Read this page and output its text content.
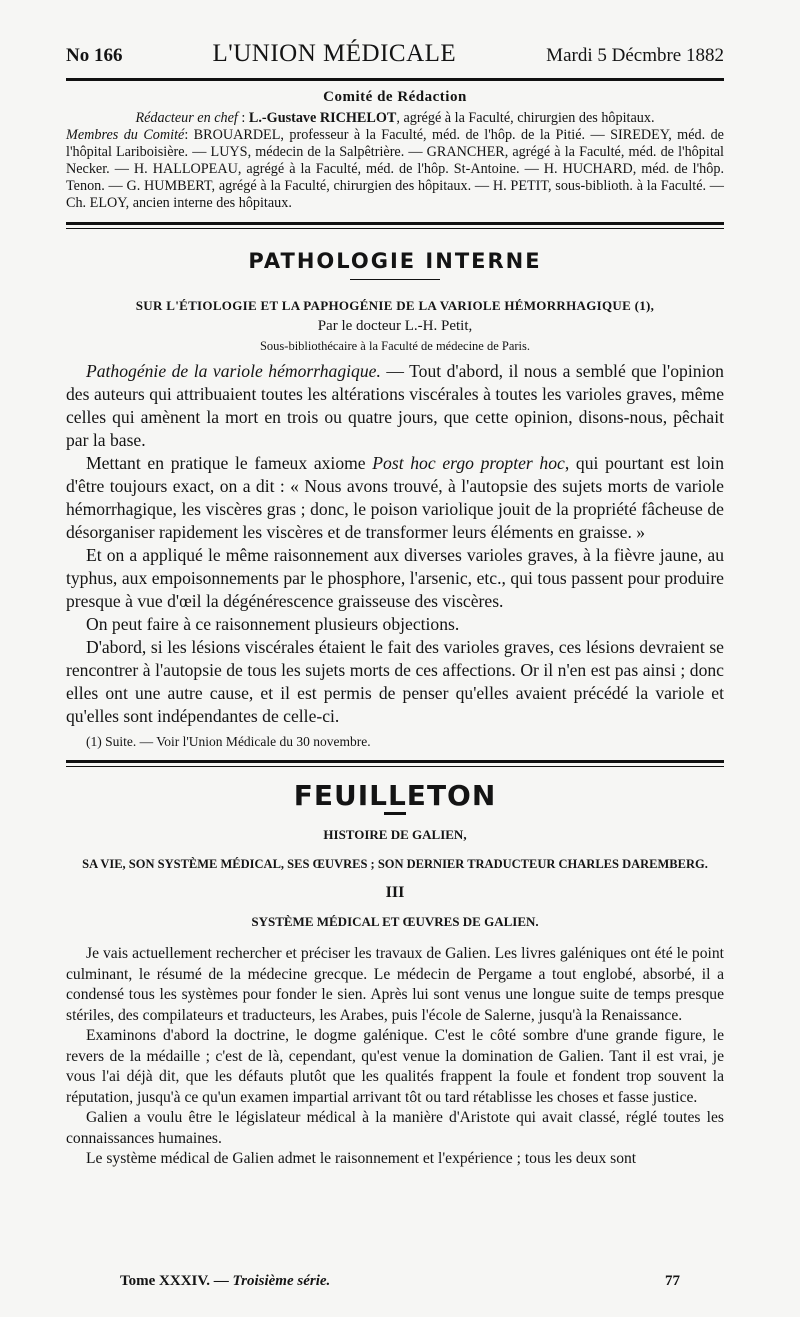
No 166	L'UNION MÉDICALE	Mardi 5 Décmbre 1882
Comité de Rédaction

Rédacteur en chef : L.-Gustave RICHELOT, agrégé à la Faculté, chirurgien des hôpitaux.

Membres du Comité: BROUARDEL, professeur à la Faculté, méd. de l'hôp. de la Pitié. — SIREDEY, méd. de l'hôpital Lariboisière. — LUYS, médecin de la Salpêtrière. — GRANCHER, agrégé à la Faculté, méd. de l'hôpital Necker. — H. HALLOPEAU, agrégé à la Faculté, méd. de l'hôp. St-Antoine. — H. HUCHARD, méd. de l'hôp. Tenon. — G. HUMBERT, agrégé à la Faculté, chirurgien des hôpitaux. — H. PETIT, sous-biblioth. à la Faculté. — Ch. ELOY, ancien interne des hôpitaux.

PATHOLOGIE INTERNE
SUR L'ÉTIOLOGIE ET LA PAPHOGÉNIE DE LA VARIOLE HÉMORRHAGIQUE (1),
Par le docteur L.-H. Petit,
Sous-bibliothécaire à la Faculté de médecine de Paris.

Pathogénie de la variole hémorrhagique. — Tout d'abord, il nous a semblé que l'opinion des auteurs qui attribuaient toutes les altérations viscérales à toutes les varioles graves, même celles qui amènent la mort en trois ou quatre jours, que cette opinion, disons-nous, pêchait par la base.

Mettant en pratique le fameux axiome Post hoc ergo propter hoc, qui pourtant est loin d'être toujours exact, on a dit : « Nous avons trouvé, à l'autopsie des sujets morts de variole hémorrhagique, les viscères gras ; donc, le poison variolique jouit de la propriété fâcheuse de désorganiser rapidement les viscères et de transformer leurs éléments en graisse. »

Et on a appliqué le même raisonnement aux diverses varioles graves, à la fièvre jaune, au typhus, aux empoisonnements par le phosphore, l'arsenic, etc., qui tous passent pour produire presque à vue d'œil la dégénérescence graisseuse des viscères.

On peut faire à ce raisonnement plusieurs objections.

D'abord, si les lésions viscérales étaient le fait des varioles graves, ces lésions devraient se rencontrer à l'autopsie de tous les sujets morts de ces affections. Or il n'en est pas ainsi ; donc elles ont une autre cause, et il est permis de penser qu'elles avaient précédé la variole et qu'elles sont indépendantes de celle-ci.

(1) Suite. — Voir l'Union Médicale du 30 novembre.
FEUILLETON
HISTOIRE DE GALIEN,
SA VIE, SON SYSTÈME MÉDICAL, SES ŒUVRES ; SON DERNIER TRADUCTEUR CHARLES DAREMBERG.
III
SYSTÈME MÉDICAL ET ŒUVRES DE GALIEN.

Je vais actuellement rechercher et préciser les travaux de Galien. Les livres galéniques ont été le point culminant, le résumé de la médecine grecque. Le médecin de Pergame a tout englobé, absorbé, il a condensé tous les systèmes pour fonder le sien. Après lui sont venus une longue suite de temps presque stériles, des compilateurs et traducteurs, les Arabes, puis l'école de Salerne, jusqu'à la Renaissance.

Examinons d'abord la doctrine, le dogme galénique. C'est le côté sombre d'une grande figure, le revers de la médaille ; c'est de là, cependant, qu'est venue la domination de Galien. Tant il est vrai, je vous l'ai déjà dit, que les défauts plutôt que les qualités frappent la foule et fondent trop souvent la réputation, jusqu'à ce qu'un examen impartial arrivant tôt ou tard rétablisse les choses et fasse justice.

Galien a voulu être le législateur médical à la manière d'Aristote qui avait classé, réglé toutes les connaissances humaines.

Le système médical de Galien admet le raisonnement et l'expérience ; tous les deux sont

Tome XXXIV. — Troisième série.	77
